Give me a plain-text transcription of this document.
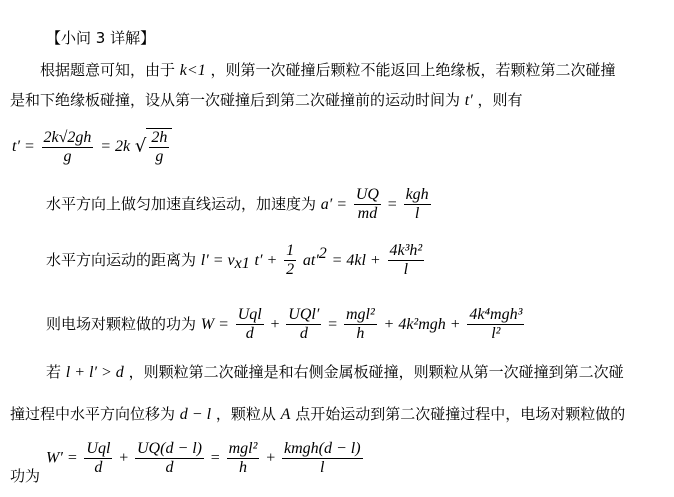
【小问 3 详解】
根据题意可知，由于 k<1 ，则第一次碰撞后颗粒不能返回上绝缘板，若颗粒第二次碰撞
是和下绝缘板碰撞，设从第一次碰撞后到第二次碰撞前的运动时间为 t′ ，则有
$t' = \frac{2k√2gh}{g} = 2k$ √ $\frac{2h}{g}$
水平方向上做匀加速直线运动，加速度为 $a' = \frac{UQ}{md} = \frac{\text{kgh}}{l}$
水平方向运动的距离为 $l' = v_{x1}$ $t' + \frac{1}{2} at'^2 = 4kl + \frac{\text{4k³h²}}{l}$
则电场对颗粒做的功为 $W = \frac{\text{Uql}}{d} + \frac{\text{UQl′}}{d} = \frac{\text{mgl²}}{h} + 4k^2mgh + \frac{\text{4k⁴mgh³}}{\text{l²}}$
若 l + l′ > d ，则颗粒第二次碰撞是和右侧金属板碰撞，则颗粒从第一次碰撞到第二次碰
撞过程中水平方向位移为 d − l ，颗粒从 A 点开始运动到第二次碰撞过程中，电场对颗粒做的
$W' = \frac{\text{Uql}}{d} + \frac{UQ(d - l)}{d} = \frac{\text{mgl²}}{h} + \frac{\text{kmgh(d − l)}}{l}$
功为
